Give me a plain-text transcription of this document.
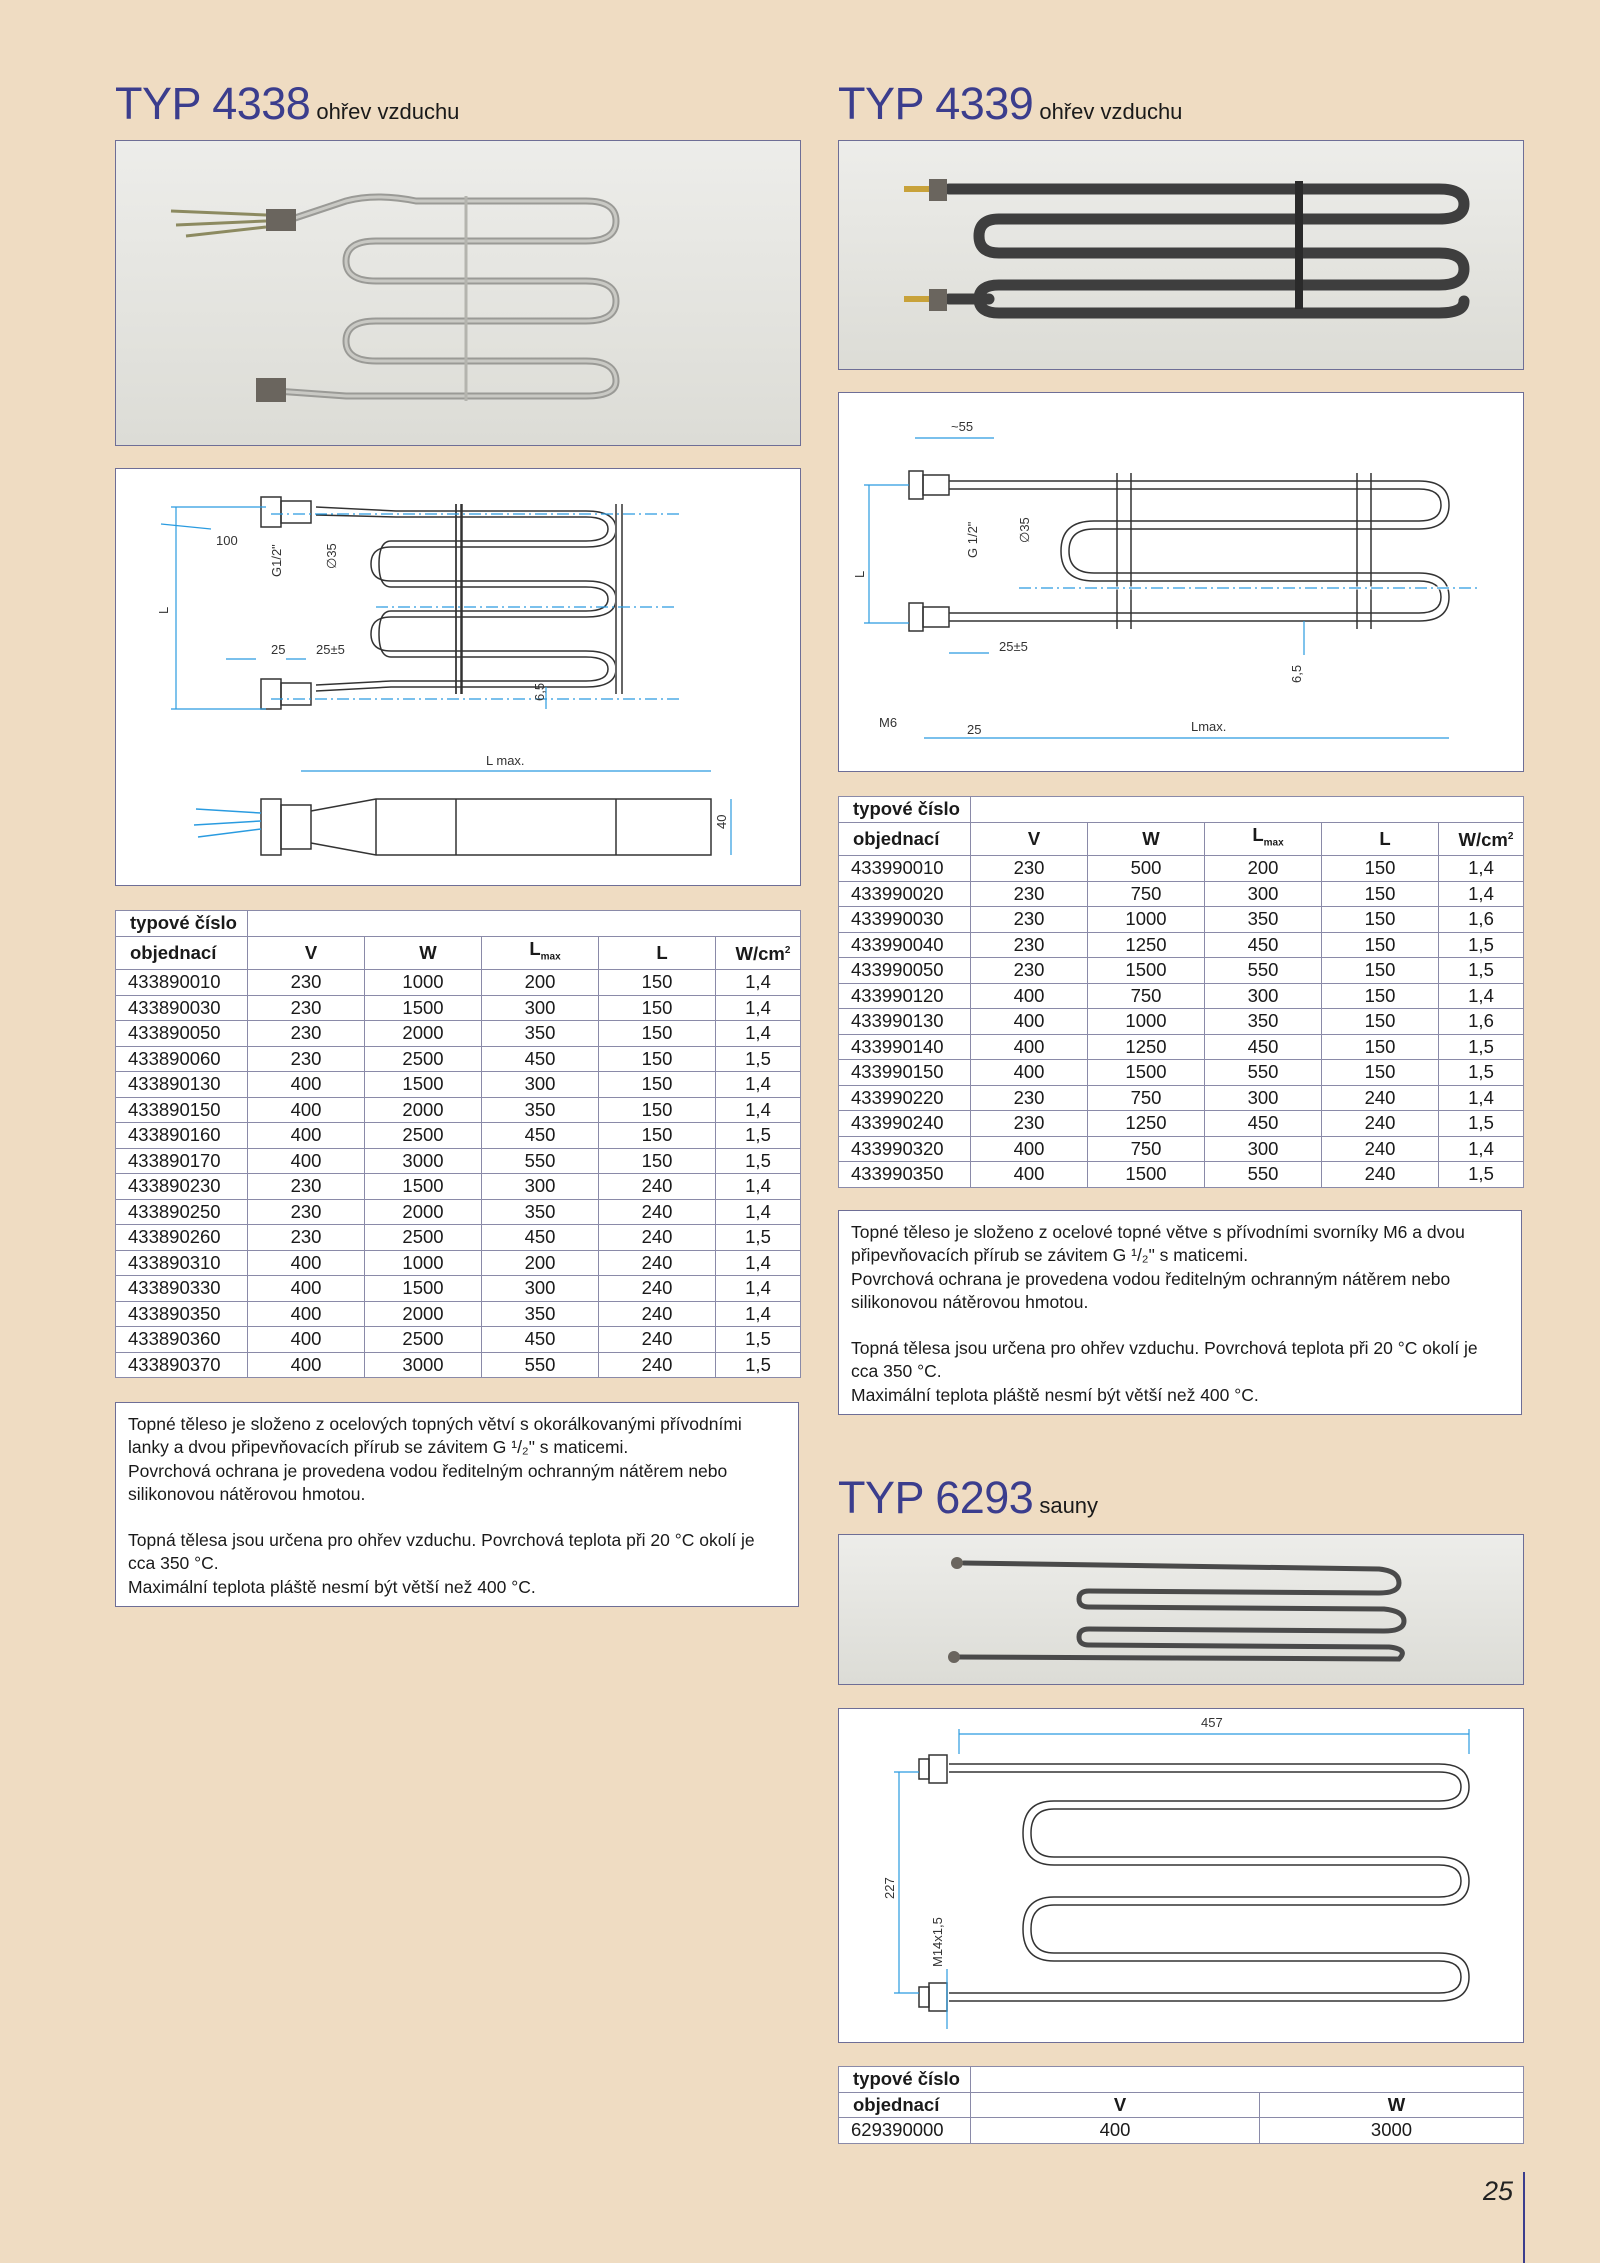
TYP 4338 ohřev vzduchu
100
G1/2"	∅35
L
25 25±5
6,5
L max.
40
typové číslo					
objednací	V	W	$L_{max}$	L	$W/cm^2$
433890010	230	1000	200	150	1,4
433890030	230	1500	300	150	1,4
433890050	230	2000	350	150	1,4
433890060	230	2500	450	150	1,5
433890130	400	1500	300	150	1,4
433890150	400	2000	350	150	1,4
433890160	400	2500	450	150	1,5
433890170	400	3000	550	150	1,5
433890230	230	1500	300	240	1,4
433890250	230	2000	350	240	1,4
433890260	230	2500	450	240	1,5
433890310	400	1000	200	240	1,4
433890330	400	1500	300	240	1,4
433890350	400	2000	350	240	1,4
433890360	400	2500	450	240	1,5
433890370	400	3000	550	240	1,5

Topné těleso je složeno z ocelových topných větví s okorálkovanými přívodními lanky a dvou připevňovacích přírub se závitem G ¹/₂" s maticemi.

Povrchová ochrana je provedena vodou ředitelným ochranným nátěrem nebo silikonovou nátěrovou hmotou.

Topná tělesa jsou určena pro ohřev vzduchu. Povrchová teplota při 20 °C okolí je cca 350 °C.

Maximální teplota pláště nesmí být větší než 400 °C.

TYP 4339 ohřev vzduchu
~55
G 1/2"	∅35
L
25±5
6,5
M6	25	Lmax.
typové číslo					
objednací	V	W	$L_{max}$	L	$W/cm^2$
433990010	230	500	200	150	1,4
433990020	230	750	300	150	1,4
433990030	230	1000	350	150	1,6
433990040	230	1250	450	150	1,5
433990050	230	1500	550	150	1,5
433990120	400	750	300	150	1,4
433990130	400	1000	350	150	1,6
433990140	400	1250	450	150	1,5
433990150	400	1500	550	150	1,5
433990220	230	750	300	240	1,4
433990240	230	1250	450	240	1,5
433990320	400	750	300	240	1,4
433990350	400	1500	550	240	1,5

Topné těleso je složeno z ocelové topné větve s přívodními svorníky M6 a dvou připevňovacích přírub se závitem G ¹/₂" s maticemi.

Povrchová ochrana je provedena vodou ředitelným ochranným nátěrem nebo silikonovou nátěrovou hmotou.

Topná tělesa jsou určena pro ohřev vzduchu. Povrchová teplota při 20 °C okolí je cca 350 °C.

Maximální teplota pláště nesmí být větší než 400 °C.

TYP 6293 sauny
457
227
M14x1,5
typové číslo		
objednací	V	W
629390000	400	3000
25
